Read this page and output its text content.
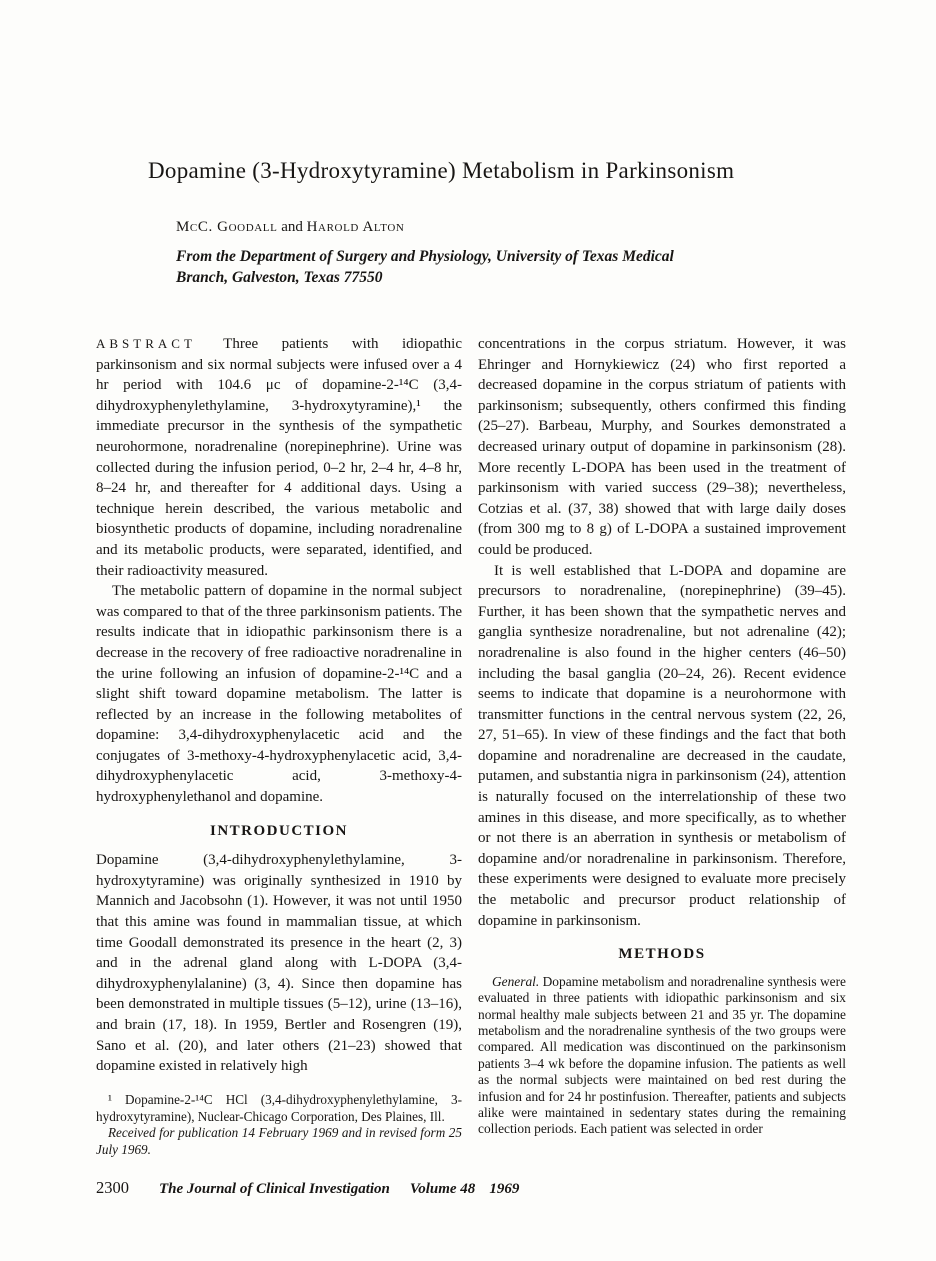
Dopamine (3-Hydroxytyramine) Metabolism in Parkinsonism
McC. Goodall and Harold Alton
From the Department of Surgery and Physiology, University of Texas Medical Branch, Galveston, Texas 77550

ABSTRACT Three patients with idiopathic parkinsonism and six normal subjects were infused over a 4 hr period with 104.6 μc of dopamine-2-¹⁴C (3,4-dihydroxyphenylethylamine, 3-hydroxytyramine),¹ the immediate precursor in the synthesis of the sympathetic neurohormone, noradrenaline (norepinephrine). Urine was collected during the infusion period, 0–2 hr, 2–4 hr, 4–8 hr, 8–24 hr, and thereafter for 4 additional days. Using a technique herein described, the various metabolic and biosynthetic products of dopamine, including noradrenaline and its metabolic products, were separated, identified, and their radioactivity measured.

The metabolic pattern of dopamine in the normal subject was compared to that of the three parkinsonism patients. The results indicate that in idiopathic parkinsonism there is a decrease in the recovery of free radioactive noradrenaline in the urine following an infusion of dopamine-2-¹⁴C and a slight shift toward dopamine metabolism. The latter is reflected by an increase in the following metabolites of dopamine: 3,4-dihydroxyphenylacetic acid and the conjugates of 3-methoxy-4-hydroxyphenylacetic acid, 3,4-dihydroxyphenylacetic acid, 3-methoxy-4-hydroxyphenylethanol and dopamine.

INTRODUCTION

Dopamine (3,4-dihydroxyphenylethylamine, 3-hydroxytyramine) was originally synthesized in 1910 by Mannich and Jacobsohn (1). However, it was not until 1950 that this amine was found in mammalian tissue, at which time Goodall demonstrated its presence in the heart (2, 3) and in the adrenal gland along with L-DOPA (3,4-dihydroxyphenylalanine) (3, 4). Since then dopamine has been demonstrated in multiple tissues (5–12), urine (13–16), and brain (17, 18). In 1959, Bertler and Rosengren (19), Sano et al. (20), and later others (21–23) showed that dopamine existed in relatively high

¹ Dopamine-2-¹⁴C HCl (3,4-dihydroxyphenylethylamine, 3-hydroxytyramine), Nuclear-Chicago Corporation, Des Plaines, Ill.

Received for publication 14 February 1969 and in revised form 25 July 1969.

concentrations in the corpus striatum. However, it was Ehringer and Hornykiewicz (24) who first reported a decreased dopamine in the corpus striatum of patients with parkinsonism; subsequently, others confirmed this finding (25–27). Barbeau, Murphy, and Sourkes demonstrated a decreased urinary output of dopamine in parkinsonism (28). More recently L-DOPA has been used in the treatment of parkinsonism with varied success (29–38); nevertheless, Cotzias et al. (37, 38) showed that with large daily doses (from 300 mg to 8 g) of L-DOPA a sustained improvement could be produced.

It is well established that L-DOPA and dopamine are precursors to noradrenaline, (norepinephrine) (39–45). Further, it has been shown that the sympathetic nerves and ganglia synthesize noradrenaline, but not adrenaline (42); noradrenaline is also found in the higher centers (46–50) including the basal ganglia (20–24, 26). Recent evidence seems to indicate that dopamine is a neurohormone with transmitter functions in the central nervous system (22, 26, 27, 51–65). In view of these findings and the fact that both dopamine and noradrenaline are decreased in the caudate, putamen, and substantia nigra in parkinsonism (24), attention is naturally focused on the interrelationship of these two amines in this disease, and more specifically, as to whether or not there is an aberration in synthesis or metabolism of dopamine and/or noradrenaline in parkinsonism. Therefore, these experiments were designed to evaluate more precisely the metabolic and precursor product relationship of dopamine in parkinsonism.

METHODS

General. Dopamine metabolism and noradrenaline synthesis were evaluated in three patients with idiopathic parkinsonism and six normal healthy male subjects between 21 and 35 yr. The dopamine metabolism and the noradrenaline synthesis of the two groups were compared. All medication was discontinued on the parkinsonism patients 3–4 wk before the dopamine infusion. The patients as well as the normal subjects were maintained on bed rest during the infusion and for 24 hr postinfusion. Thereafter, patients and subjects alike were maintained in sedentary states during the remaining collection periods. Each patient was selected in order

2300 The Journal of Clinical Investigation Volume 48 1969
